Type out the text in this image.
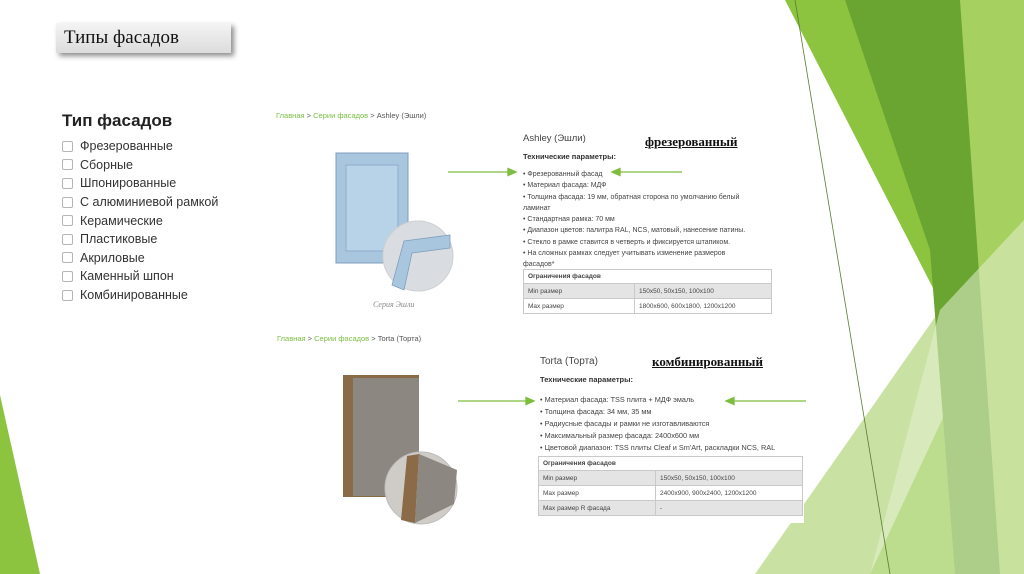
Типы фасадов
Тип фасадов
Фрезерованные
Сборные
Шпонированные
С алюминиевой рамкой
Керамические
Пластиковые
Акриловые
Каменный шпон
Комбинированные
Главная > Серии фасадов > Ashley (Эшли)
Серия Эшли
Ashley (Эшли)
Технические параметры:
• Фрезерованный фасад
• Материал фасада: МДФ
• Толщина фасада: 19 мм, обратная сторона по умолчанию белый
ламинат
• Стандартная рамка: 70 мм
• Диапазон цветов: палитра RAL, NCS, матовый, нанесение патины.
• Стекло в рамке ставится в четверть и фиксируется штапиком.
• На сложных рамках следует учитывать изменение размеров
фасадов*
Ограничения фасадов	
Min размер	150x50, 50x150, 100x100
Max размер	1800x600, 600x1800, 1200x1200
фрезерованный
Главная > Серии фасадов > Torta (Торта)
Torta (Торта)
Технические параметры:
• Материал фасада: TSS плита + МДФ эмаль
• Толщина фасада: 34 мм, 35 мм
• Радиусные фасады и рамки не изготавливаются
• Максимальный размер фасада: 2400x600 мм
• Цветовой диапазон: TSS плиты Cleaf и Sm'Art, раскладки NCS, RAL
Ограничения фасадов	
Min размер	150x50, 50x150, 100x100
Max размер	2400x900, 900x2400, 1200x1200
Max размер R фасада	-
комбинированный
